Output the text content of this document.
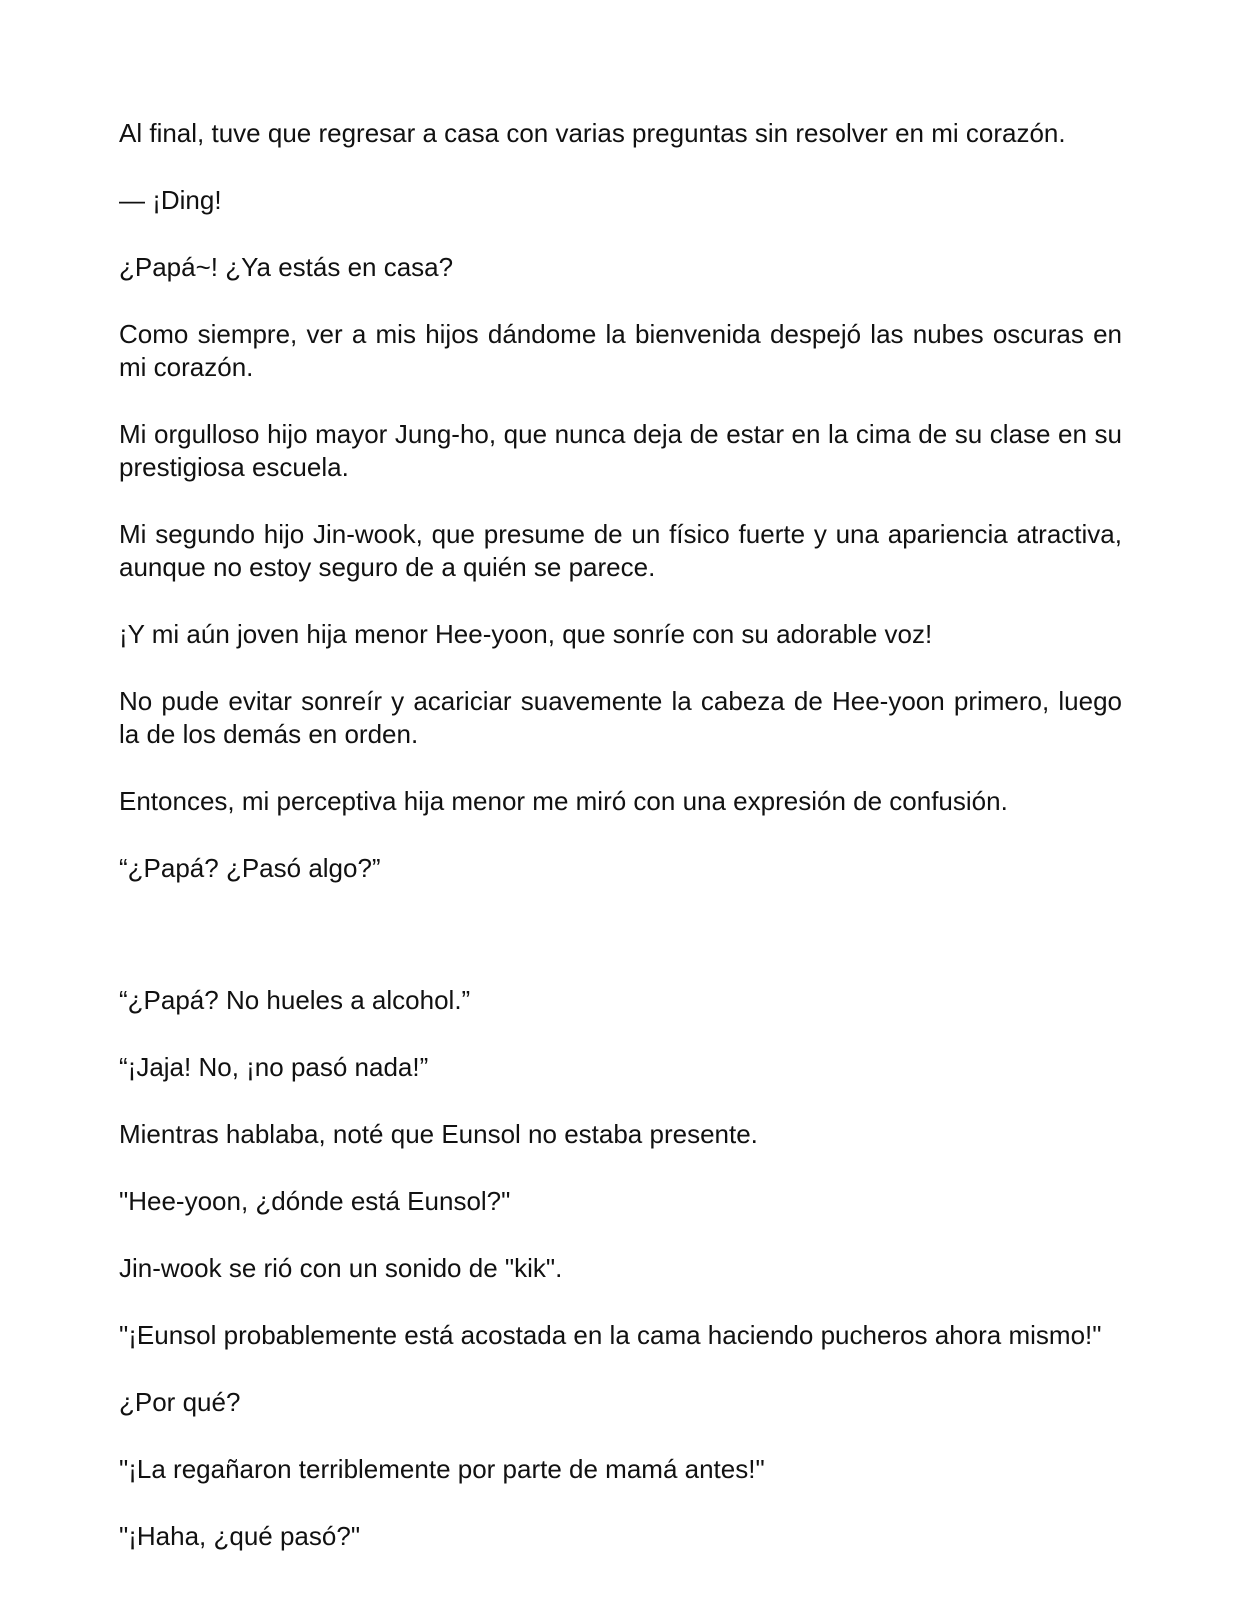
Al final, tuve que regresar a casa con varias preguntas sin resolver en mi corazón.

— ¡Ding!

¿Papá~! ¿Ya estás en casa?

Como siempre, ver a mis hijos dándome la bienvenida despejó las nubes oscuras en mi corazón.

Mi orgulloso hijo mayor Jung-ho, que nunca deja de estar en la cima de su clase en su prestigiosa escuela.

Mi segundo hijo Jin-wook, que presume de un físico fuerte y una apariencia atractiva, aunque no estoy seguro de a quién se parece.

¡Y mi aún joven hija menor Hee-yoon, que sonríe con su adorable voz!

No pude evitar sonreír y acariciar suavemente la cabeza de Hee-yoon primero, luego la de los demás en orden.

Entonces, mi perceptiva hija menor me miró con una expresión de confusión.

“¿Papá? ¿Pasó algo?”

“¿Papá? No hueles a alcohol.”

“¡Jaja! No, ¡no pasó nada!”

Mientras hablaba, noté que Eunsol no estaba presente.

"Hee-yoon, ¿dónde está Eunsol?"

Jin-wook se rió con un sonido de "kik".

"¡Eunsol probablemente está acostada en la cama haciendo pucheros ahora mismo!"

¿Por qué?

"¡La regañaron terriblemente por parte de mamá antes!"

"¡Haha, ¿qué pasó?"
